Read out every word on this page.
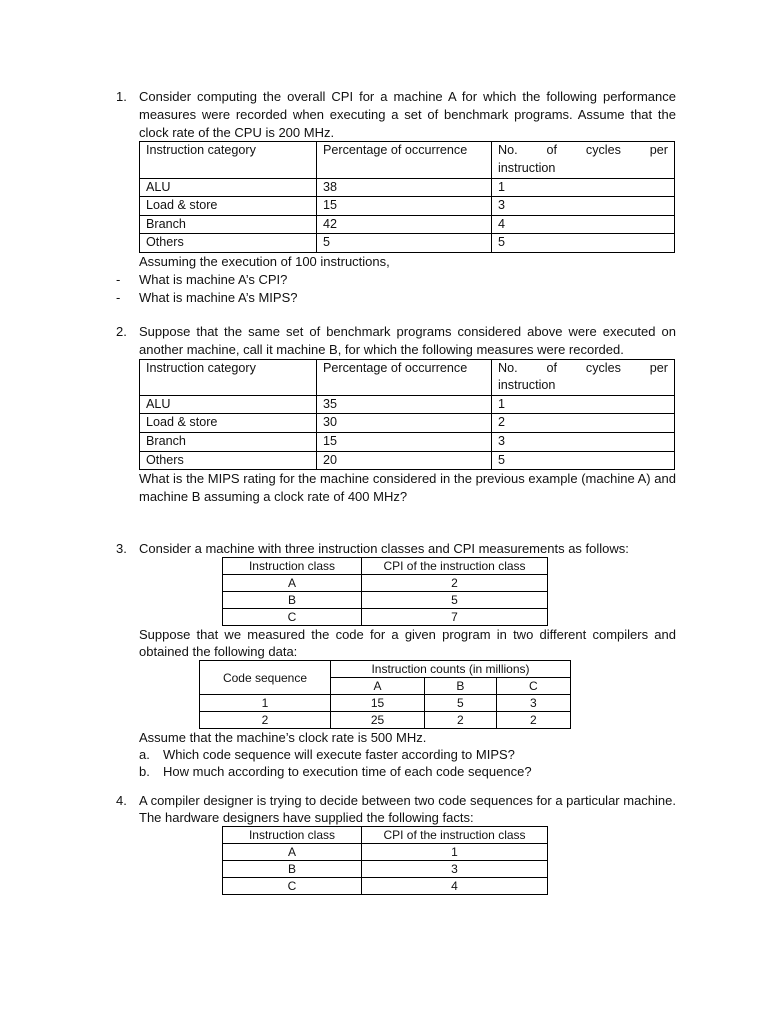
1. Consider computing the overall CPI for a machine A for which the following performance measures were recorded when executing a set of benchmark programs. Assume that the clock rate of the CPU is 200 MHz.

Instruction category	Percentage of occurrence	No. of cycles per
instruction

ALU	38	1
Load & store	15	3
Branch	42	4
Others	5	5

Assuming the execution of 100 instructions,

- What is machine A’s CPI?

- What is machine A’s MIPS?

2. Suppose that the same set of benchmark programs considered above were executed on another machine, call it machine B, for which the following measures were recorded.

Instruction category	Percentage of occurrence	No. of cycles per
instruction

ALU	35	1
Load & store	30	2
Branch	15	3
Others	20	5

What is the MIPS rating for the machine considered in the previous example (machine A) and machine B assuming a clock rate of 400 MHz?

3. Consider a machine with three instruction classes and CPI measurements as follows:

Instruction class	CPI of the instruction class
A	2
B	5
C	7

Suppose that we measured the code for a given program in two different compilers and obtained the following data:

Code sequence	Instruction counts (in millions)		
	A	B	C
1	15	5	3
2	25	2	2

Assume that the machine’s clock rate is 500 MHz.

a. Which code sequence will execute faster according to MIPS?

b. How much according to execution time of each code sequence?

4. A compiler designer is trying to decide between two code sequences for a particular machine. The hardware designers have supplied the following facts:

Instruction class	CPI of the instruction class
A	1
B	3
C	4
